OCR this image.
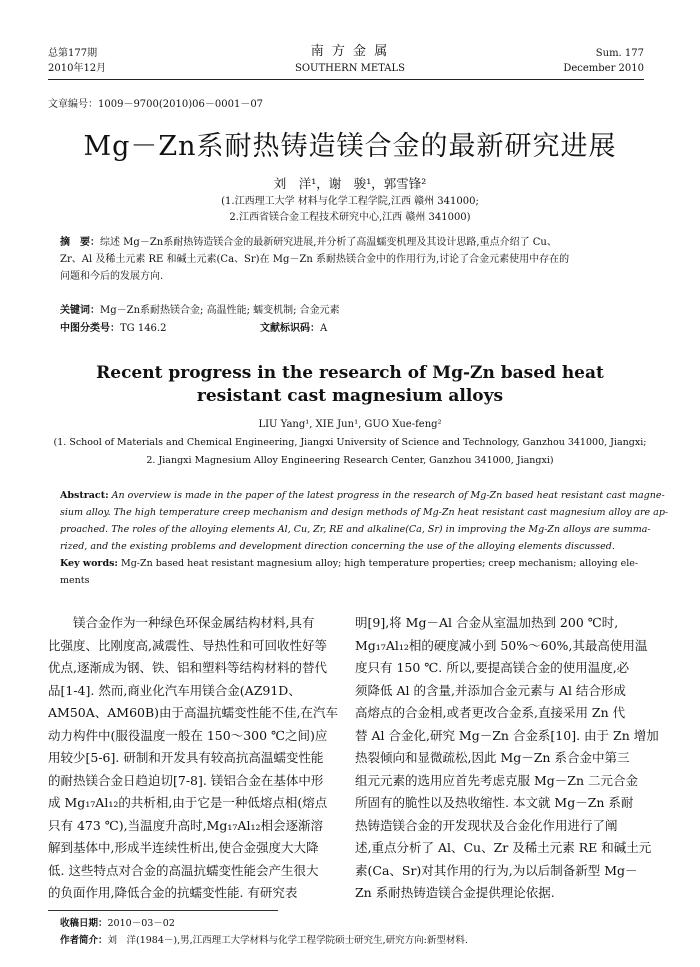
总第177期
2010年12月
南 方 金 属
SOUTHERN METALS
Sum. 177
December 2010
文章编号：1009－9700(2010)06－0001－07
Mg－Zn系耐热铸造镁合金的最新研究进展
刘　洋¹，谢　骏¹，郭雪锋²
(1.江西理工大学 材料与化学工程学院,江西 赣州 341000;
2.江西省镁合金工程技术研究中心,江西 赣州 341000)
摘　要：综述 Mg－Zn系耐热铸造镁合金的最新研究进展,并分析了高温蠕变机理及其设计思路,重点介绍了 Cu、
Zr、Al 及稀土元素 RE 和碱土元素(Ca、Sr)在 Mg－Zn 系耐热镁合金中的作用行为,讨论了合金元素使用中存在的
问题和今后的发展方向.
关键词：Mg－Zn系耐热镁合金; 高温性能; 蠕变机制; 合金元素
中图分类号：TG 146.2	文献标识码：A
Recent progress in the research of Mg-Zn based heat
resistant cast magnesium alloys
LIU Yang¹, XIE Jun¹, GUO Xue-feng²
(1. School of Materials and Chemical Engineering, Jiangxi University of Science and Technology, Ganzhou 341000, Jiangxi;
2. Jiangxi Magnesium Alloy Engineering Research Center, Ganzhou 341000, Jiangxi)
Abstract: An overview is made in the paper of the latest progress in the research of Mg-Zn based heat resistant cast magne-
sium alloy. The high temperature creep mechanism and design methods of Mg-Zn heat resistant cast magnesium alloy are ap-
proached. The roles of the alloying elements Al, Cu, Zr, RE and alkaline(Ca, Sr) in improving the Mg-Zn alloys are summa-
rized, and the existing problems and development direction concerning the use of the alloying elements discussed.
Key words: Mg-Zn based heat resistant magnesium alloy; high temperature properties; creep mechanism; alloying ele-
ments
　　镁合金作为一种绿色环保金属结构材料,具有
比强度、比刚度高,减震性、导热性和可回收性好等
优点,逐渐成为钢、铁、铝和塑料等结构材料的替代
品[1-4]. 然而,商业化汽车用镁合金(AZ91D、
AM50A、AM60B)由于高温抗蠕变性能不佳,在汽车
动力构件中(服役温度一般在 150～300 ℃之间)应
用较少[5-6]. 研制和开发具有较高抗高温蠕变性能
的耐热镁合金日趋迫切[7-8]. 镁铝合金在基体中形
成 Mg₁₇Al₁₂的共析相,由于它是一种低熔点相(熔点
只有 473 ℃),当温度升高时,Mg₁₇Al₁₂相会逐渐溶
解到基体中,形成半连续性析出,使合金强度大大降
低. 这些特点对合金的高温抗蠕变性能会产生很大
的负面作用,降低合金的抗蠕变性能. 有研究表
明[9],将 Mg－Al 合金从室温加热到 200 ℃时,
Mg₁₇Al₁₂相的硬度减小到 50%～60%,其最高使用温
度只有 150 ℃. 所以,要提高镁合金的使用温度,必
须降低 Al 的含量,并添加合金元素与 Al 结合形成
高熔点的合金相,或者更改合金系,直接采用 Zn 代
替 Al 合金化,研究 Mg－Zn 合金系[10]. 由于 Zn 增加
热裂倾向和显微疏松,因此 Mg－Zn 系合金中第三
组元元素的选用应首先考虑克服 Mg－Zn 二元合金
所固有的脆性以及热收缩性. 本文就 Mg－Zn 系耐
热铸造镁合金的开发现状及合金化作用进行了阐
述,重点分析了 Al、Cu、Zr 及稀土元素 RE 和碱土元
素(Ca、Sr)对其作用的行为,为以后制备新型 Mg－
Zn 系耐热铸造镁合金提供理论依据.
收稿日期：2010－03－02
作者简介：刘　洋(1984－),男,江西理工大学材料与化学工程学院硕士研究生,研究方向:新型材料.
